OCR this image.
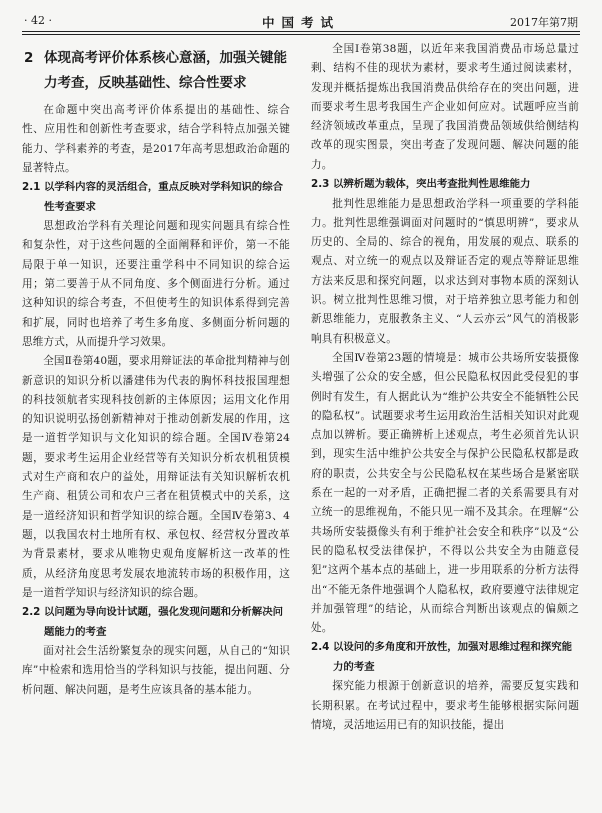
· 42 ·	中国考试	2017年第7期
2 体现高考评价体系核心意涵，加强关键能力考查，反映基础性、综合性要求

在命题中突出高考评价体系提出的基础性、综合性、应用性和创新性考查要求，结合学科特点加强关键能力、学科素养的考查，是2017年高考思想政治命题的显著特点。

2.1 以学科内容的灵活组合，重点反映对学科知识的综合性考查要求

思想政治学科有关理论问题和现实问题具有综合性和复杂性，对于这些问题的全面阐释和评价，第一不能局限于单一知识，还要注重学科中不同知识的综合运用；第二要善于从不同角度、多个侧面进行分析。通过这种知识的综合考查，不但使考生的知识体系得到完善和扩展，同时也培养了考生多角度、多侧面分析问题的思维方式，从而提升学习效果。

全国Ⅱ卷第40题，要求用辩证法的革命批判精神与创新意识的知识分析以潘建伟为代表的胸怀科技报国理想的科技领航者实现科技创新的主体原因；运用文化作用的知识说明弘扬创新精神对于推动创新发展的作用，这是一道哲学知识与文化知识的综合题。全国Ⅳ卷第24题，要求考生运用企业经营等有关知识分析农机租赁模式对生产商和农户的益处，用辩证法有关知识解析农机生产商、租赁公司和农户三者在租赁模式中的关系，这是一道经济知识和哲学知识的综合题。全国Ⅳ卷第3、4题，以我国农村土地所有权、承包权、经营权分置改革为背景素材，要求从唯物史观角度解析这一改革的性质，从经济角度思考发展农地流转市场的积极作用，这是一道哲学知识与经济知识的综合题。

2.2 以问题为导向设计试题，强化发现问题和分析解决问题能力的考查

面对社会生活纷繁复杂的现实问题，从自己的“知识库”中检索和选用恰当的学科知识与技能，提出问题、分析问题、解决问题，是考生应该具备的基本能力。

全国Ⅰ卷第38题，以近年来我国消费品市场总量过剩、结构不佳的现状为素材，要求考生通过阅读素材，发现并概括提炼出我国消费品供给存在的突出问题，进而要求考生思考我国生产企业如何应对。试题呼应当前经济领域改革重点，呈现了我国消费品领域供给侧结构改革的现实图景，突出考查了发现问题、解决问题的能力。

2.3 以辨析题为载体，突出考查批判性思维能力

批判性思维能力是思想政治学科一项重要的学科能力。批判性思维强调面对问题时的“慎思明辨”，要求从历史的、全局的、综合的视角，用发展的观点、联系的观点、对立统一的观点以及辩证否定的观点等辩证思维方法来反思和探究问题，以求达到对事物本质的深刻认识。树立批判性思维习惯，对于培养独立思考能力和创新思维能力，克服教条主义、“人云亦云”风气的消极影响具有积极意义。

全国Ⅳ卷第23题的情境是：城市公共场所安装摄像头增强了公众的安全感，但公民隐私权因此受侵犯的事例时有发生，有人据此认为“维护公共安全不能牺牲公民的隐私权”。试题要求考生运用政治生活相关知识对此观点加以辨析。要正确辨析上述观点，考生必须首先认识到，现实生活中维护公共安全与保护公民隐私权都是政府的职责，公共安全与公民隐私权在某些场合是紧密联系在一起的一对矛盾，正确把握二者的关系需要具有对立统一的思维视角，不能只见一端不及其余。在理解“公共场所安装摄像头有利于维护社会安全和秩序”以及“公民的隐私权受法律保护，不得以公共安全为由随意侵犯”这两个基本点的基础上，进一步用联系的分析方法得出“不能无条件地强调个人隐私权，政府要遵守法律规定并加强管理”的结论，从而综合判断出该观点的偏颇之处。

2.4 以设问的多角度和开放性，加强对思维过程和探究能力的考查

探究能力根源于创新意识的培养，需要反复实践和长期积累。在考试过程中，要求考生能够根据实际问题情境，灵活地运用已有的知识技能，提出
